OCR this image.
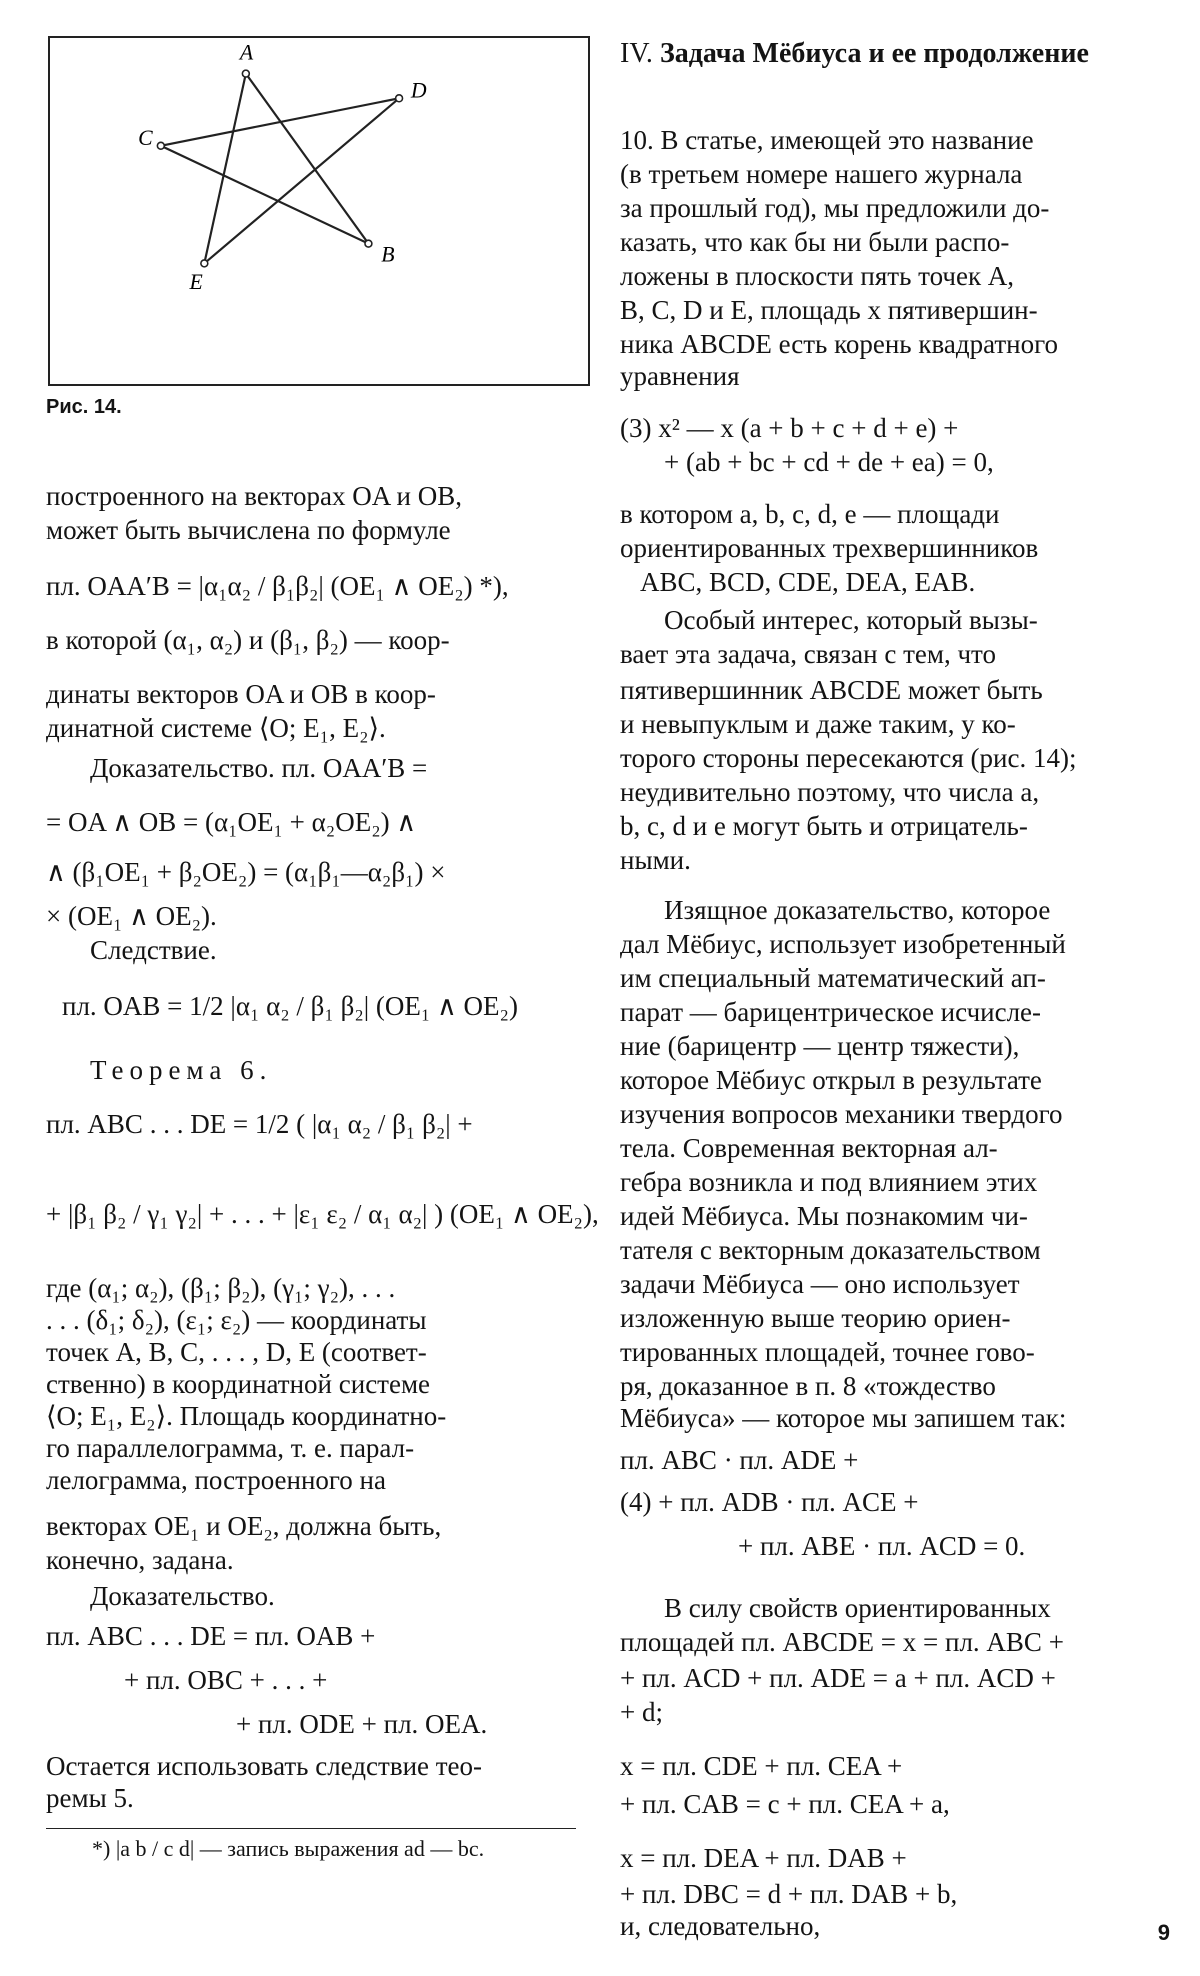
A
B
C
D
E
Рис. 14.
построенного на векторах OA и OB,
может быть вычислена по формуле
пл. OAA′B = |α₁α₂ / β₁β₂| (OE₁ ∧ OE₂) *),
в которой (α₁, α₂) и (β₁, β₂) — коор-
динаты векторов OA и OB в коор-
динатной системе ⟨O; E₁, E₂⟩.
Доказательство. пл. OAA′B =
= OA ∧ OB = (α₁OE₁ + α₂OE₂) ∧
∧ (β₁OE₁ + β₂OE₂) = (α₁β₁—α₂β₁) ×
× (OE₁ ∧ OE₂).
Следствие.
пл. OAB = 1/2 |α₁ α₂ / β₁ β₂| (OE₁ ∧ OE₂)
Теорема 6.
пл. ABC . . . DE = 1/2 ( |α₁ α₂ / β₁ β₂| +
+ |β₁ β₂ / γ₁ γ₂| + . . . + |ε₁ ε₂ / α₁ α₂| ) (OE₁ ∧ OE₂),
где (α₁; α₂), (β₁; β₂), (γ₁; γ₂), . . .
. . . (δ₁; δ₂), (ε₁; ε₂) — координаты
точек A, B, C, . . . , D, E (соответ-
ственно) в координатной системе
⟨O; E₁, E₂⟩. Площадь координатно-
го параллелограмма, т. е. парал-
лелограмма, построенного на
векторах OE₁ и OE₂, должна быть,
конечно, задана.
Доказательство.
пл. ABC . . . DE = пл. OAB +
+ пл. OBC + . . . +
+ пл. ODE + пл. OEA.
Остается использовать следствие тео-
ремы 5.
*) |a b / c d| — запись выражения ad — bc.
IV. Задача Мёбиуса и ее продолжение
10. В статье, имеющей это название
(в третьем номере нашего журнала
за прошлый год), мы предложили до-
казать, что как бы ни были распо-
ложены в плоскости пять точек A,
B, C, D и E, площадь x пятивершин-
ника ABCDE есть корень квадратного
уравнения
(3) x² — x (a + b + c + d + e) +
+ (ab + bc + cd + de + ea) = 0,
в котором a, b, c, d, e — площади
ориентированных трехвершинников
ABC, BCD, CDE, DEA, EAB.
Особый интерес, который вызы-
вает эта задача, связан с тем, что
пятивершинник ABCDE может быть
и невыпуклым и даже таким, у ко-
торого стороны пересекаются (рис. 14);
неудивительно поэтому, что числа a,
b, c, d и e могут быть и отрицатель-
ными.
Изящное доказательство, которое
дал Мёбиус, использует изобретенный
им специальный математический ап-
парат — барицентрическое исчисле-
ние (барицентр — центр тяжести),
которое Мёбиус открыл в результате
изучения вопросов механики твердого
тела. Современная векторная ал-
гебра возникла и под влиянием этих
идей Мёбиуса. Мы познакомим чи-
тателя с векторным доказательством
задачи Мёбиуса — оно использует
изложенную выше теорию ориен-
тированных площадей, точнее гово-
ря, доказанное в п. 8 «тождество
Мёбиуса» — которое мы запишем так:
пл. ABC · пл. ADE +
(4) + пл. ADB · пл. ACE +
+ пл. ABE · пл. ACD = 0.
В силу свойств ориентированных
площадей пл. ABCDE = x = пл. ABC +
+ пл. ACD + пл. ADE = a + пл. ACD +
+ d;
x = пл. CDE + пл. CEA +
+ пл. CAB = c + пл. CEA + a,
x = пл. DEA + пл. DAB +
+ пл. DBC = d + пл. DAB + b,
и, следовательно,	9
